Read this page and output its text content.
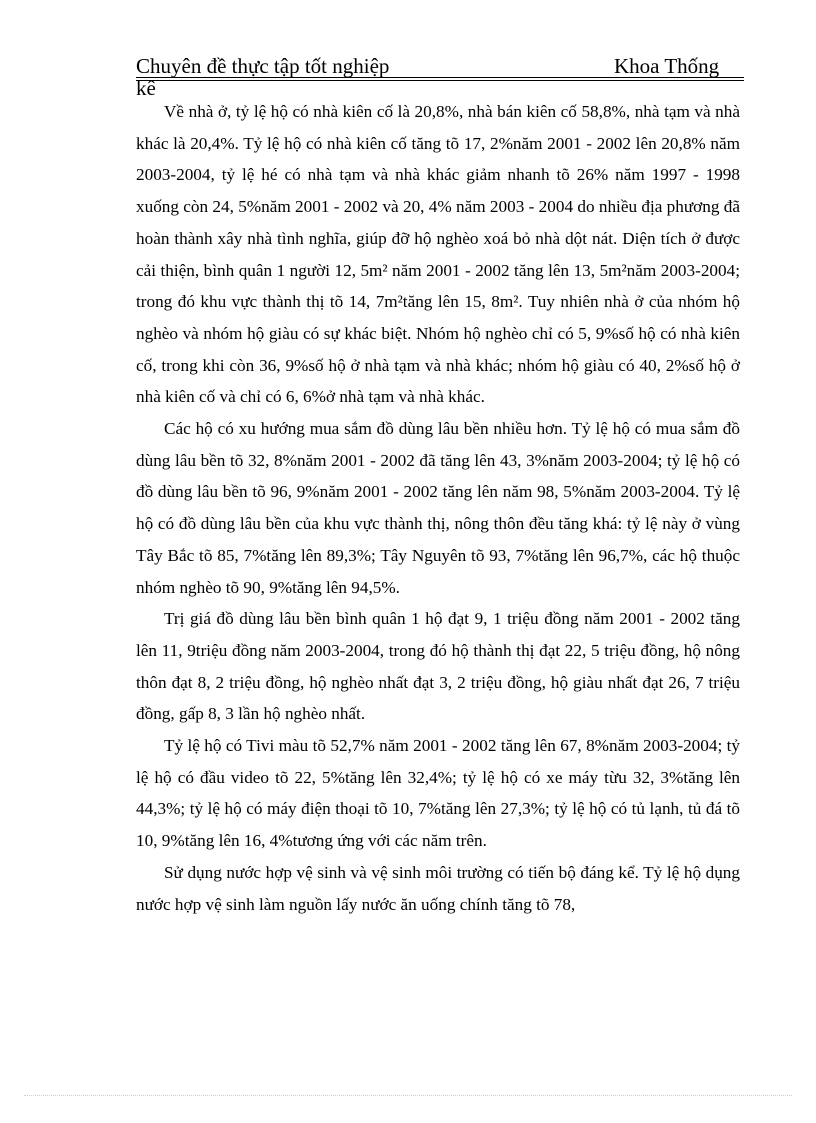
Chuyên đề thực tập tốt nghiệp	Khoa Thống
kê

Về nhà ở, tỷ lệ hộ có nhà kiên cố là 20,8%, nhà bán kiên cố 58,8%, nhà tạm và nhà khác là 20,4%. Tỷ lệ hộ có nhà kiên cố tăng tõ 17, 2%năm 2001 - 2002 lên 20,8% năm 2003-2004, tỷ lệ hé có nhà tạm và nhà khác giảm nhanh tõ 26% năm 1997 - 1998 xuống còn 24, 5%năm 2001 - 2002 và 20, 4% năm 2003 - 2004 do nhiều địa phương đã hoàn thành xây nhà tình nghĩa, giúp đỡ hộ nghèo xoá bỏ nhà dột nát. Diện tích ở được cải thiện, bình quân 1 người 12, 5m² năm 2001 - 2002 tăng lên 13, 5m²năm 2003-2004; trong đó khu vực thành thị tõ 14, 7m²tăng lên 15, 8m². Tuy nhiên nhà ở của nhóm hộ nghèo và nhóm hộ giàu có sự khác biệt. Nhóm hộ nghèo chỉ có 5, 9%số hộ có nhà kiên cố, trong khi còn 36, 9%số hộ ở nhà tạm và nhà khác; nhóm hộ giàu có 40, 2%số hộ ở nhà kiên cố và chỉ có 6, 6%ở nhà tạm và nhà khác.

Các hộ có xu hướng mua sắm đồ dùng lâu bền nhiều hơn. Tỷ lệ hộ có mua sắm đồ dùng lâu bền tõ 32, 8%năm 2001 - 2002 đã tăng lên 43, 3%năm 2003-2004; tỷ lệ hộ có đồ dùng lâu bền tõ 96, 9%năm 2001 - 2002 tăng lên năm 98, 5%năm 2003-2004. Tỷ lệ hộ có đồ dùng lâu bền của khu vực thành thị, nông thôn đều tăng khá: tỷ lệ này ở vùng Tây Bắc tõ 85, 7%tăng lên 89,3%; Tây Nguyên tõ 93, 7%tăng lên 96,7%, các hộ thuộc nhóm nghèo tõ 90, 9%tăng lên 94,5%.

Trị giá đồ dùng lâu bền bình quân 1 hộ đạt 9, 1 triệu đồng năm 2001 - 2002 tăng lên 11, 9triệu đồng năm 2003-2004, trong đó hộ thành thị đạt 22, 5 triệu đồng, hộ nông thôn đạt 8, 2 triệu đồng, hộ nghèo nhất đạt 3, 2 triệu đồng, hộ giàu nhất đạt 26, 7 triệu đồng, gấp 8, 3 lần hộ nghèo nhất.

Tỷ lệ hộ có Tivi màu tõ 52,7% năm 2001 - 2002 tăng lên 67, 8%năm 2003-2004; tỷ lệ hộ có đầu video tõ 22, 5%tăng lên 32,4%; tỷ lệ hộ có xe máy từu 32, 3%tăng lên 44,3%; tỷ lệ hộ có máy điện thoại tõ 10, 7%tăng lên 27,3%; tỷ lệ hộ có tủ lạnh, tủ đá tõ 10, 9%tăng lên 16, 4%tương ứng với các năm trên.

Sử dụng nước hợp vệ sinh và vệ sinh môi trường có tiến bộ đáng kể. Tỷ lệ hộ dụng nước hợp vệ sinh làm nguồn lấy nước ăn uống chính tăng tõ 78,
